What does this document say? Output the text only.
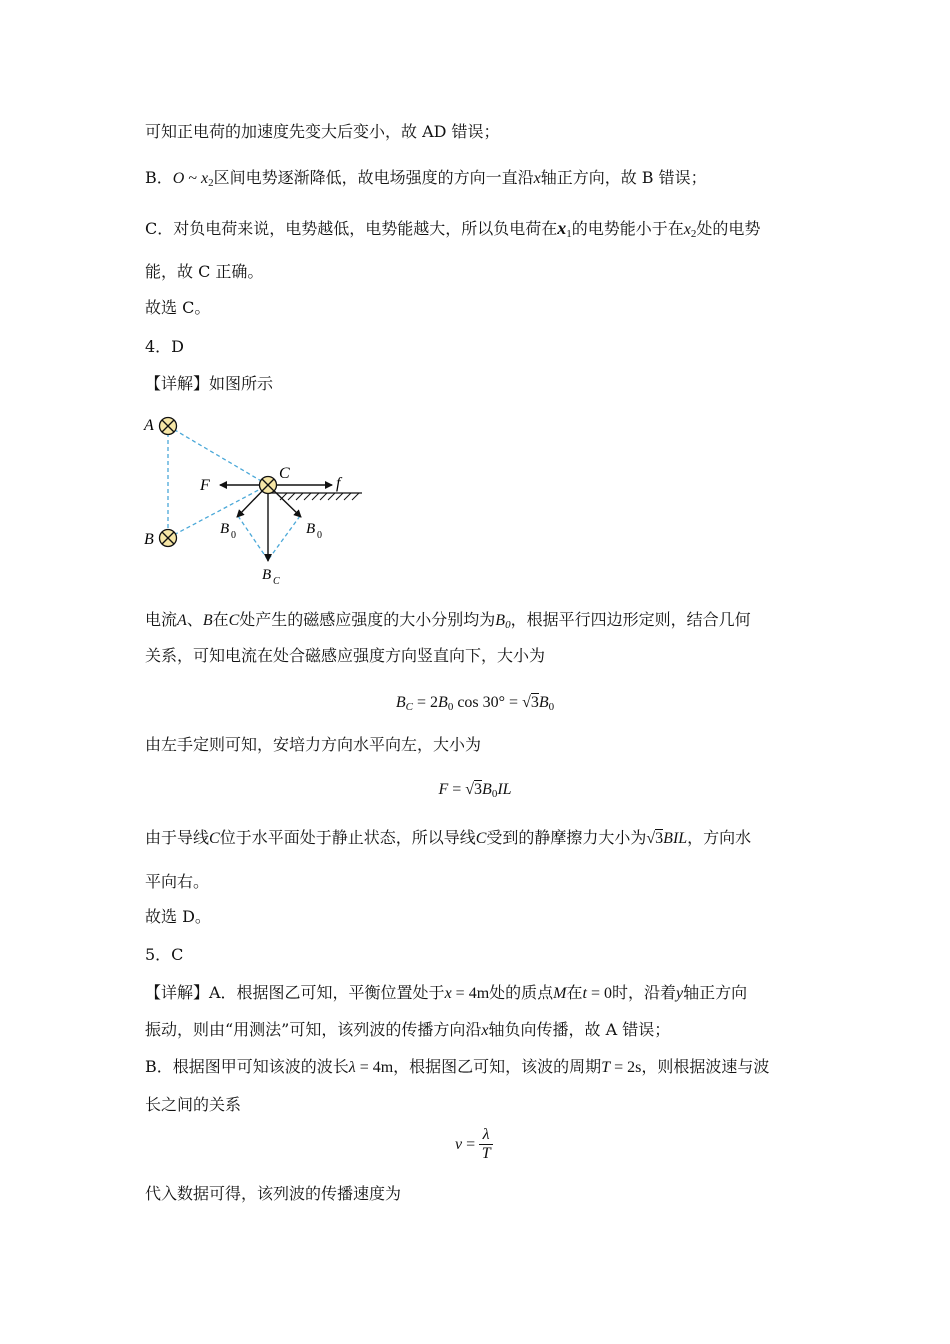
可知正电荷的加速度先变大后变小，故 AD 错误；
B．O ~ $x_2$区间电势逐渐降低，故电场强度的方向一直沿x轴正方向，故 B 错误；
C．对负电荷来说，电势越低，电势能越大，所以负电荷在$x_1$的电势能小于在$x_2$处的电势
能，故 C 正确。
故选 C。
4．D
【详解】如图所示
A
B
C
F	f
B 0	B 0
B C
电流A、B在C处产生的磁感应强度的大小分别均为$B_0$，根据平行四边形定则，结合几何
关系，可知电流在处合磁感应强度方向竖直向下，大小为
$B_C = 2B_0$ $\cos 30^\circ = √3B_0$
由左手定则可知，安培力方向水平向左，大小为
$F = √3B_0IL$
由于导线C位于水平面处于静止状态，所以导线C受到的静摩擦力大小为√3BIL，方向水
平向右。
故选 D。
5．C
【详解】A．根据图乙可知，平衡位置处于x = 4m处的质点M在t = 0时，沿着y轴正方向
振动，则由“用测法”可知，该列波的传播方向沿x轴负向传播，故 A 错误；
B．根据图甲可知该波的波长λ = 4m，根据图乙可知，该波的周期T = 2s，则根据波速与波
长之间的关系
v =
λ
T
代入数据可得，该列波的传播速度为
